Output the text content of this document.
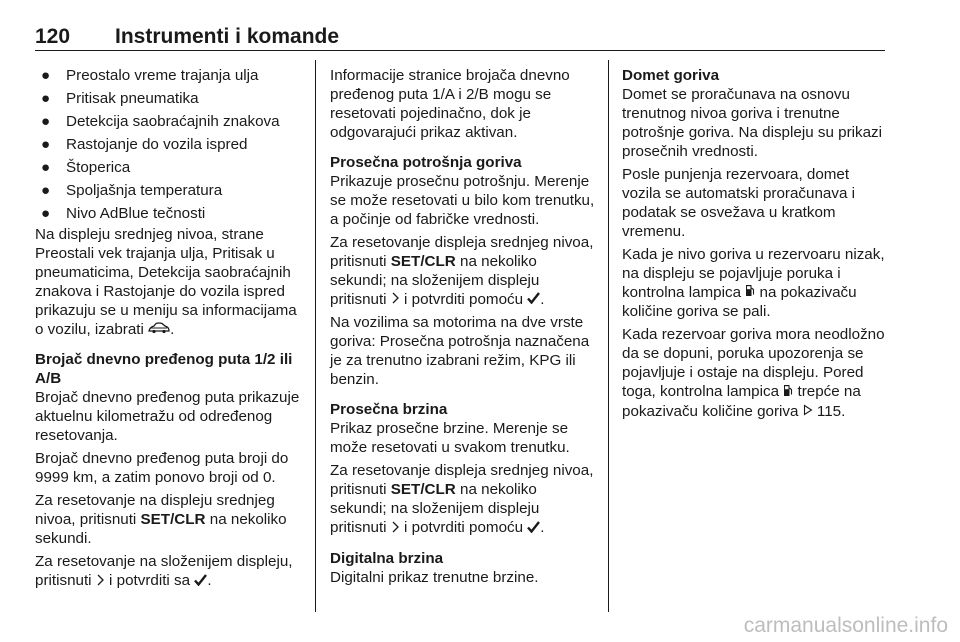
120 Instrumenti i komande
● Preostalo vreme trajanja ulja
● Pritisak pneumatika
● Detekcija saobraćajnih znakova
● Rastojanje do vozila ispred
● Štoperica
● Spoljašnja temperatura
● Nivo AdBlue tečnosti

Na displeju srednjeg nivoa, strane Preostali vek trajanja ulja, Pritisak u pneumaticima, Detekcija saobraćajnih znakova i Rastojanje do vozila ispred prikazuju se u meniju sa informacijama o vozilu, izabrati .

Brojač dnevno pređenog puta 1/2 ili A/B

Brojač dnevno pređenog puta prikazuje aktuelnu kilometražu od određenog resetovanja.

Brojač dnevno pređenog puta broji do 9999 km, a zatim ponovo broji od 0.

Za resetovanje na displeju srednjeg nivoa, pritisnuti SET/CLR na nekoliko sekundi.

Za resetovanje na složenijem displeju, pritisnuti i potvrditi sa .

Informacije stranice brojača dnevno pređenog puta 1/A i 2/B mogu se resetovati pojedinačno, dok je odgovarajući prikaz aktivan.

Prosečna potrošnja goriva

Prikazuje prosečnu potrošnju. Merenje se može resetovati u bilo kom trenutku, a počinje od fabričke vrednosti.

Za resetovanje displeja srednjeg nivoa, pritisnuti SET/CLR na nekoliko sekundi; na složenijem displeju pritisnuti i potvrditi pomoću .

Na vozilima sa motorima na dve vrste goriva: Prosečna potrošnja naznačena je za trenutno izabrani režim, KPG ili benzin.

Prosečna brzina

Prikaz prosečne brzine. Merenje se može resetovati u svakom trenutku.

Za resetovanje displeja srednjeg nivoa, pritisnuti SET/CLR na nekoliko sekundi; na složenijem displeju pritisnuti i potvrditi pomoću .

Digitalna brzina

Digitalni prikaz trenutne brzine.

Domet goriva

Domet se proračunava na osnovu trenutnog nivoa goriva i trenutne potrošnje goriva. Na displeju su prikazi prosečnih vrednosti.

Posle punjenja rezervoara, domet vozila se automatski proračunava i podatak se osvežava u kratkom vremenu.

Kada je nivo goriva u rezervoaru nizak, na displeju se pojavljuje poruka i kontrolna lampica na pokazivaču količine goriva se pali.

Kada rezervoar goriva mora neodložno da se dopuni, poruka upozorenja se pojavljuje i ostaje na displeju. Pored toga, kontrolna lampica trepće na pokazivaču količine goriva 115.

carmanualsonline.info
